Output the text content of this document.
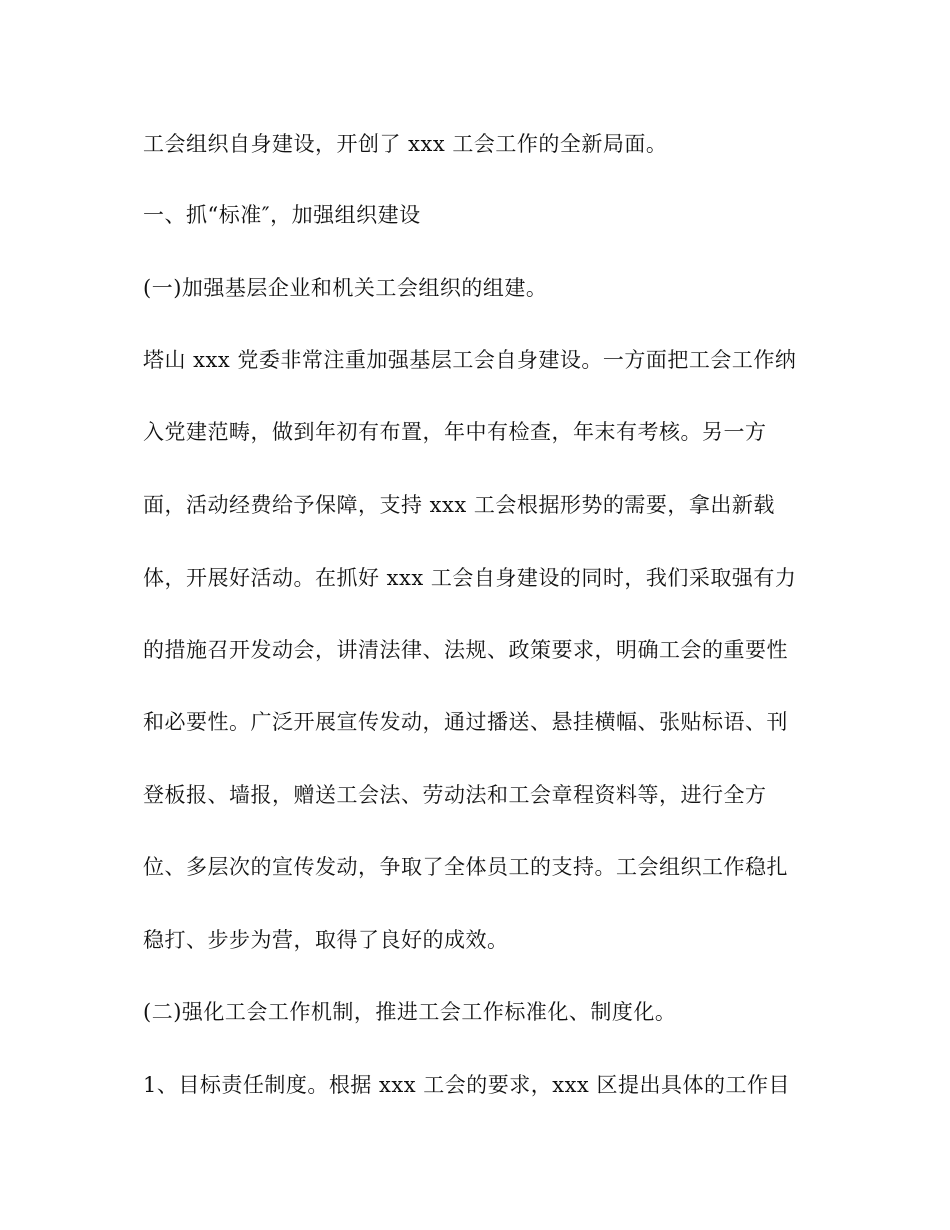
工会组织自身建设，开创了 xxx 工会工作的全新局面。
一、抓“标准″，加强组织建设
(一)加强基层企业和机关工会组织的组建。
塔山 xxx 党委非常注重加强基层工会自身建设。一方面把工会工作纳
入党建范畴，做到年初有布置，年中有检查，年末有考核。另一方
面，活动经费给予保障，支持 xxx 工会根据形势的需要，拿出新载
体，开展好活动。在抓好 xxx 工会自身建设的同时，我们采取强有力
的措施召开发动会，讲清法律、法规、政策要求，明确工会的重要性
和必要性。广泛开展宣传发动，通过播送、悬挂横幅、张贴标语、刊
登板报、墙报，赠送工会法、劳动法和工会章程资料等，进行全方
位、多层次的宣传发动，争取了全体员工的支持。工会组织工作稳扎
稳打、步步为营，取得了良好的成效。
(二)强化工会工作机制，推进工会工作标准化、制度化。
1、目标责任制度。根据 xxx 工会的要求，xxx 区提出具体的工作目
